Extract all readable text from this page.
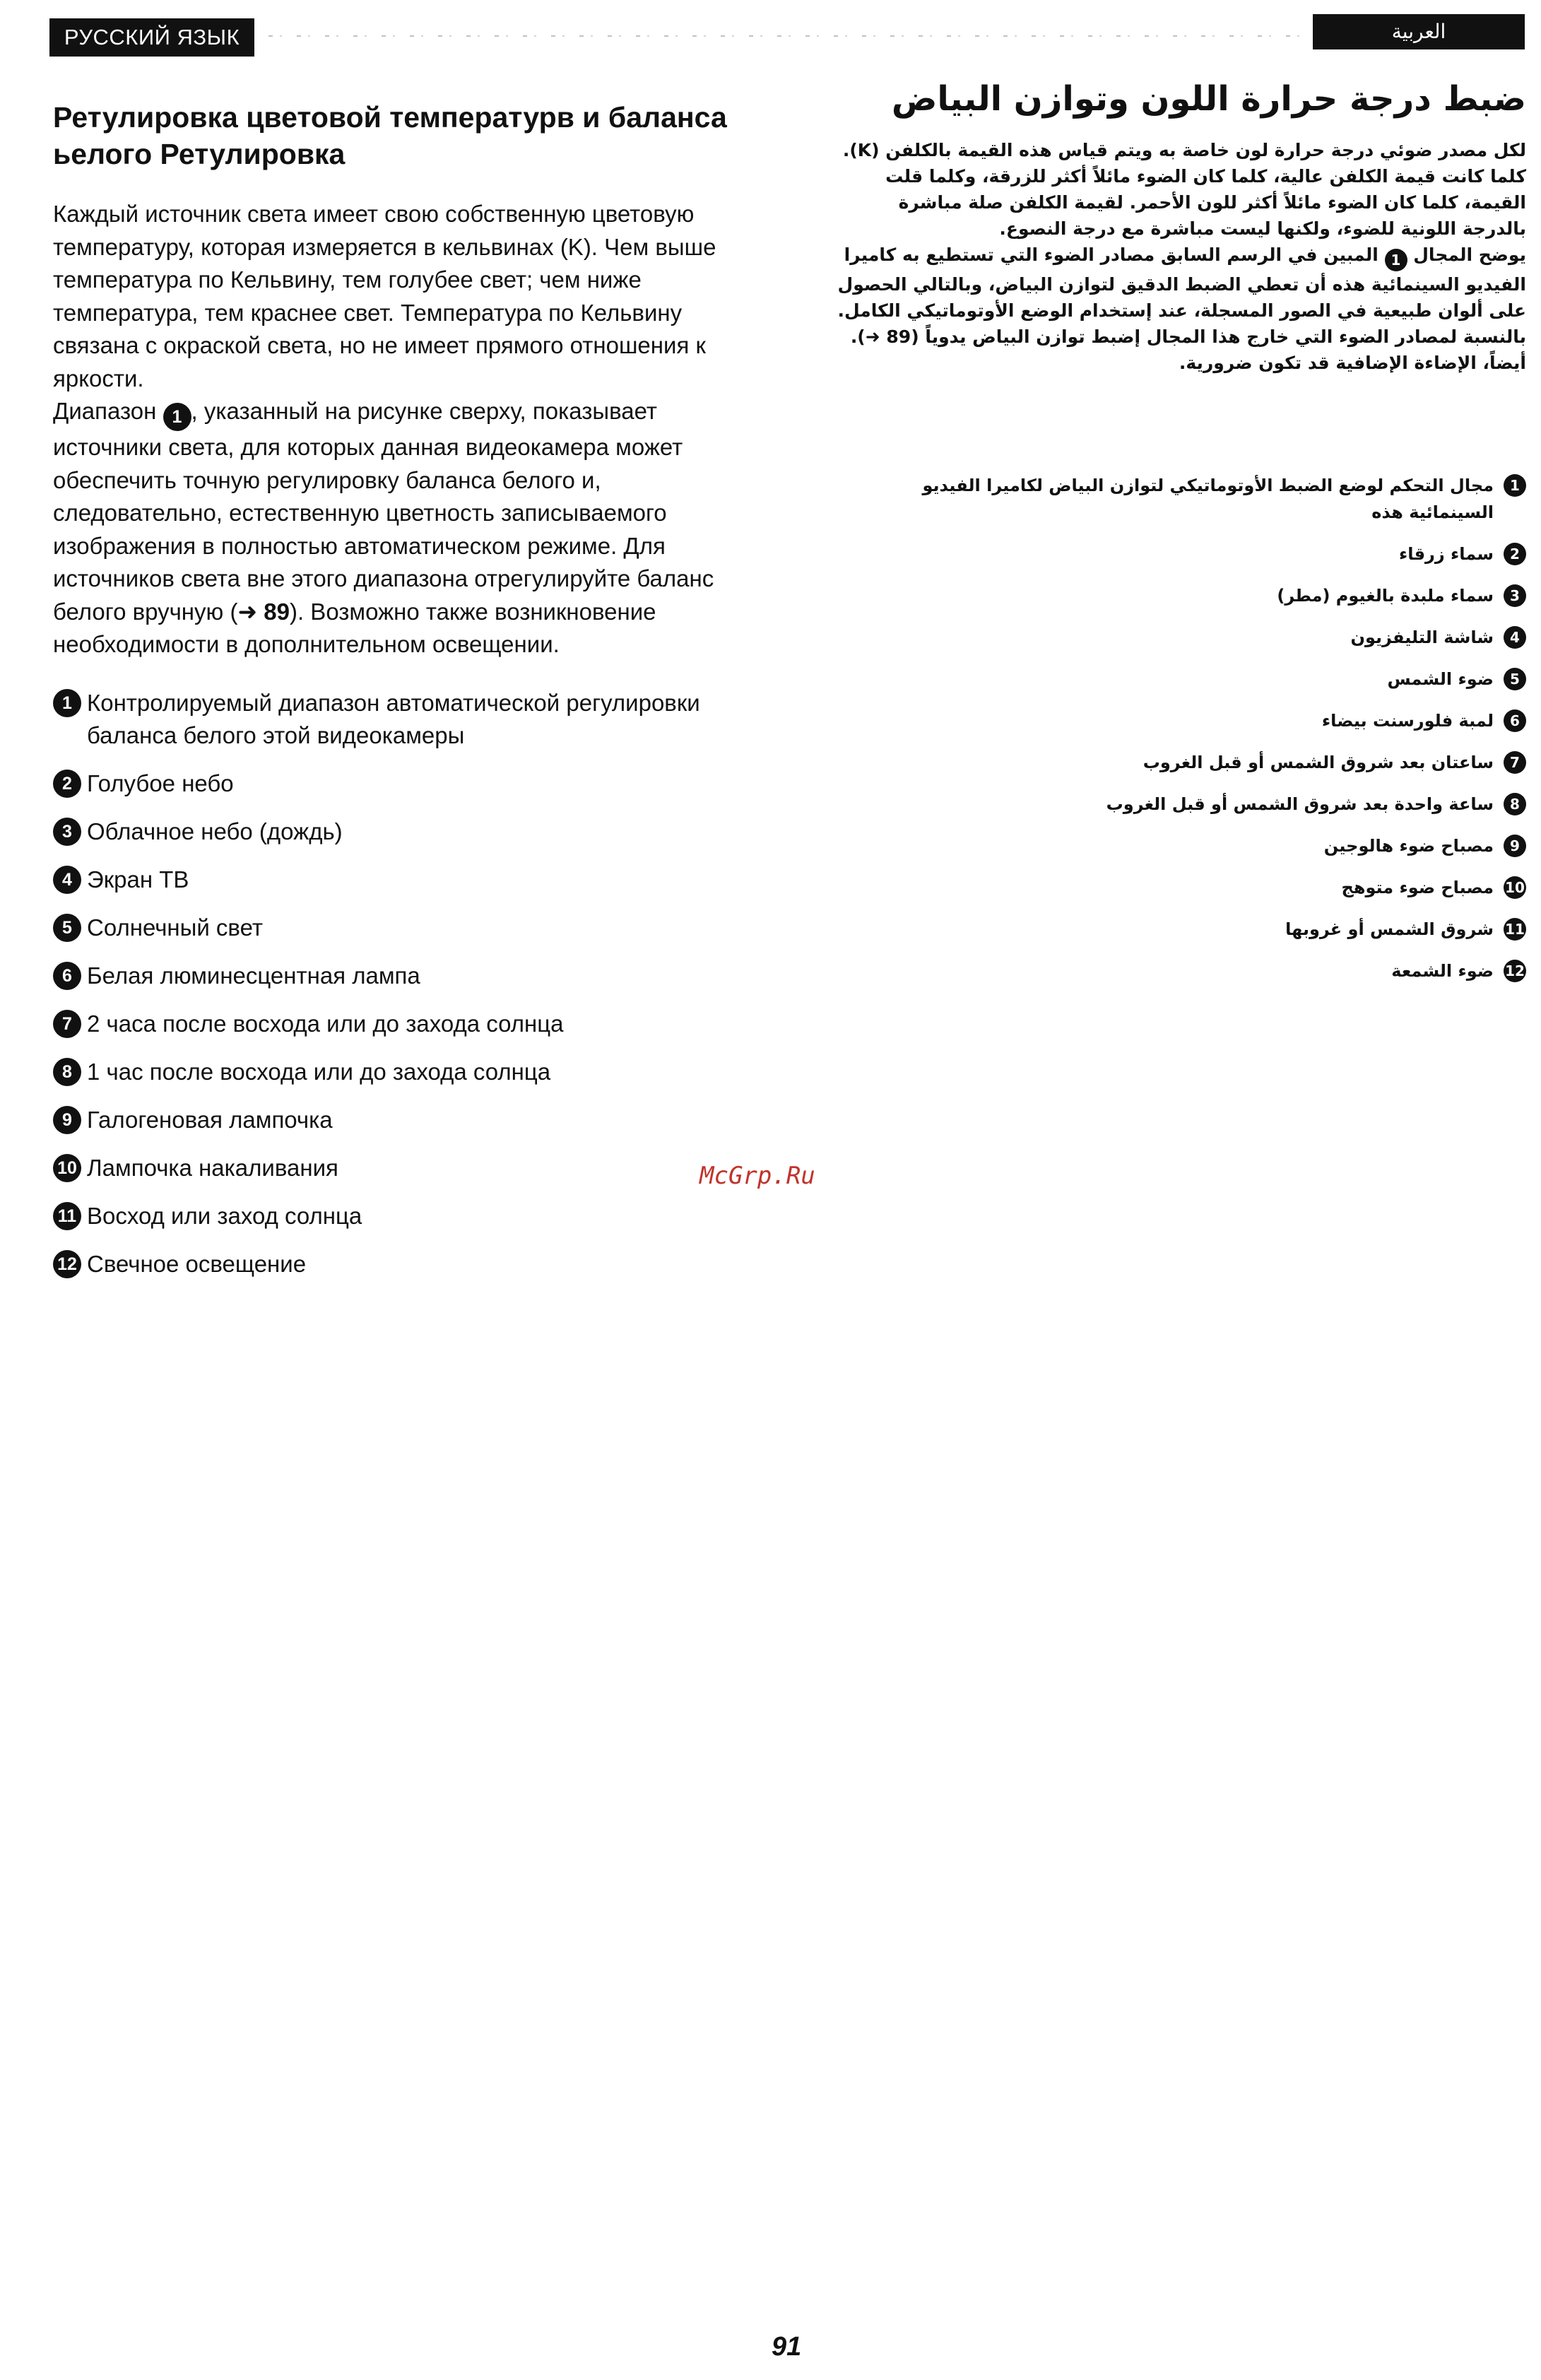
РУССКИЙ ЯЗЫК	العربية
Ретулировка цветовой температурв и баланса ьелого Ретулировка

Каждый источник света имеет свою собственную цветовую температуру, которая измеряется в кельвинах (K). Чем выше температура по Кельвину, тем голубее свет; чем ниже температура, тем краснее свет. Температура по Кельвину связана с окраской света, но не имеет прямого отношения к яркости.

Диапазон 1 , указанный на рисунке сверху, показывает источники света, для которых данная видеокамера может обеспечить точную регулировку баланса белого и, следовательно, естественную цветность записываемого изображения в полностью автоматическом режиме. Для источников света вне этого диапазона отрегулируйте баланс белого вручную (➜ 89). Возможно также возникновение необходимости в дополнительном освещении.

1 Контролируемый диапазон автоматической регулировки баланса белого этой видеокамеры
2 Голубое небо
3 Облачное небо (дождь)
4 Экран ТВ
5 Солнечный свет
6 Белая люминесцентная лампа
7 2 часа после восхода или до захода солнца
8 1 час после восхода или до захода солнца
9 Галогеновая лампочка
10 Лампочка накаливания
11 Восход или заход солнца
12 Свечное освещение
ضبط درجة حرارة اللون وتوازن البياض

لكل مصدر ضوئي درجة حرارة لون خاصة به ويتم قياس هذه القيمة بالكلفن (K). كلما كانت قيمة الكلفن عالية، كلما كان الضوء مائلاً أكثر للزرقة، وكلما قلت القيمة، كلما كان الضوء مائلاً أكثر للون الأحمر. لقيمة الكلفن صلة مباشرة بالدرجة اللونية للضوء، ولكنها ليست مباشرة مع درجة النصوع.

يوضح المجال 1 المبين في الرسم السابق مصادر الضوء التي تستطيع به كاميرا الفيديو السينمائية هذه أن تعطي الضبط الدقيق لتوازن البياض، وبالتالي الحصول على ألوان طبيعية في الصور المسجلة، عند إستخدام الوضع الأوتوماتيكي الكامل. بالنسبة لمصادر الضوء التي خارج هذا المجال إضبط توازن البياض يدوياً (89 ➜).

أيضاً، الإضاءة الإضافية قد تكون ضرورية.

1
مجال التحكم لوضع الضبط الأوتوماتيكي لتوازن البياض لكاميرا الفيديو السينمائية هذه
2
سماء زرقاء
3
سماء ملبدة بالغيوم (مطر)
4
شاشة التليفزيون
5
ضوء الشمس
6
لمبة فلورسنت بيضاء
7
ساعتان بعد شروق الشمس أو قبل الغروب
8
ساعة واحدة بعد شروق الشمس أو قبل الغروب
9
مصباح ضوء هالوجين
10
مصباح ضوء متوهج
11
شروق الشمس أو غروبها
12
ضوء الشمعة
McGrp.Ru
91
